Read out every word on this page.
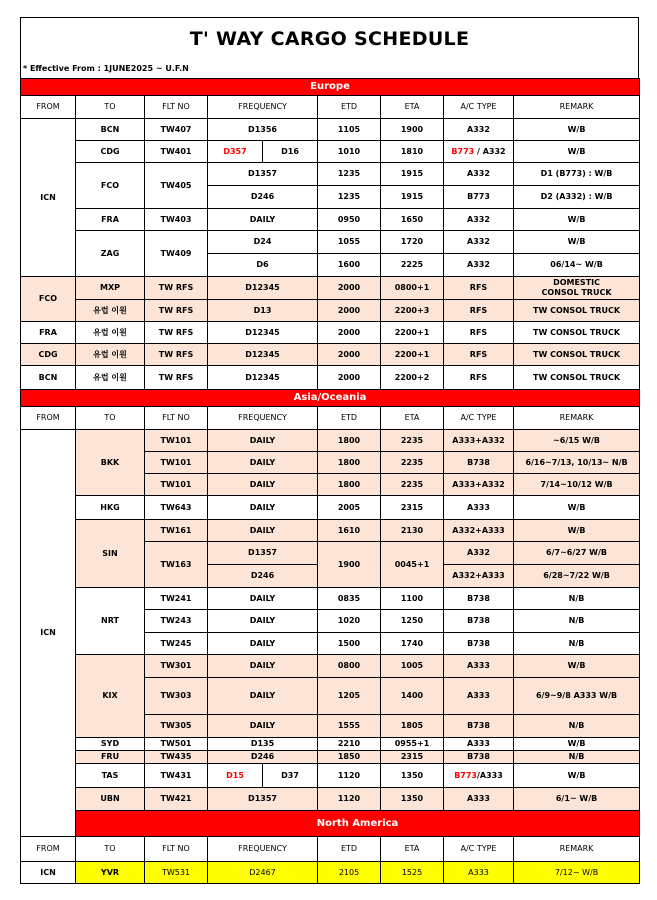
T' WAY CARGO SCHEDULE
* Effective From : 1JUNE2025 ~ U.F.N
Europe								
FROM	TO	FLT NO	FREQUENCY		ETD	ETA	A/C TYPE	REMARK
ICN	BCN	TW407	D1356		1105	1900	A332	W/B
	CDG	TW401	D357	D16	1010	1810	B773 / A332	W/B
	FCO	TW405	D1357		1235	1915	A332	D1 (B773) : W/B
			D246		1235	1915	B773	D2 (A332) : W/B
	FRA	TW403	DAILY		0950	1650	A332	W/B
	ZAG	TW409	D24		1055	1720	A332	W/B
			D6		1600	2225	A332	06/14~ W/B
FCO	MXP	TW RFS	D12345		2000	0800+1	RFS	DOMESTIC
CONSOL TRUCK

	유럽 이원	TW RFS	D13		2000	2200+3	RFS	TW CONSOL TRUCK
FRA	유럽 이원	TW RFS	D12345		2000	2200+1	RFS	TW CONSOL TRUCK
CDG	유럽 이원	TW RFS	D12345		2000	2200+1	RFS	TW CONSOL TRUCK
BCN	유럽 이원	TW RFS	D12345		2000	2200+2	RFS	TW CONSOL TRUCK
Asia/Oceania								
FROM	TO	FLT NO	FREQUENCY		ETD	ETA	A/C TYPE	REMARK
ICN	BKK	TW101	DAILY		1800	2235	A333+A332	~6/15 W/B
		TW101	DAILY		1800	2235	B738	6/16~7/13, 10/13~ N/B
		TW101	DAILY		1800	2235	A333+A332	7/14~10/12 W/B
	HKG	TW643	DAILY		2005	2315	A333	W/B
	SIN	TW161	DAILY		1610	2130	A332+A333	W/B
		TW163	D1357		1900	0045+1	A332	6/7~6/27 W/B
			D246				A332+A333	6/28~7/22 W/B
	NRT	TW241	DAILY		0835	1100	B738	N/B
		TW243	DAILY		1020	1250	B738	N/B
		TW245	DAILY		1500	1740	B738	N/B
	KIX	TW301	DAILY		0800	1005	A333	W/B
		TW303	DAILY		1205	1400	A333	6/9~9/8 A333 W/B
		TW305	DAILY		1555	1805	B738	N/B
	SYD	TW501	D135		2210	0955+1	A333	W/B
	FRU	TW435	D246		1850	2315	B738	N/B
	TAS	TW431	D15	D37	1120	1350	B773/A333	W/B
	UBN	TW421	D1357		1120	1350	A333	6/1~ W/B
	North America							
FROM	TO	FLT NO	FREQUENCY		ETD	ETA	A/C TYPE	REMARK
ICN	YVR	TW531	D2467		2105	1525	A333	7/12~ W/B
